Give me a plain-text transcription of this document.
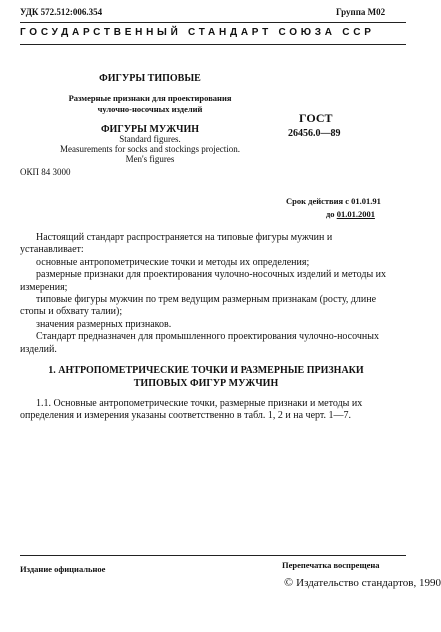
УДК 572.512:006.354	Группа М02
ГОСУДАРСТВЕННЫЙ СТАНДАРТ СОЮЗА ССР
ФИГУРЫ ТИПОВЫЕ
Размерные признаки для проектирования
чулочно-носочных изделий
ФИГУРЫ МУЖЧИН
Standard figures.
Measurements for socks and stockings projection.
Men's figures
ГОСТ
26456.0—89
ОКП 84 3000
Срок действия с 01.01.91
до 01.01.2001

Настоящий стандарт распространяется на типовые фигуры мужчин и устанавливает:

основные антропометрические точки и методы их определения;

размерные признаки для проектирования чулочно-носочных изделий и методы их измерения;

типовые фигуры мужчин по трем ведущим размерным признакам (росту, длине стопы и обхвату талии);

значения размерных признаков.

Стандарт предназначен для промышленного проектирования чулочно-носочных изделий.

1. АНТРОПОМЕТРИЧЕСКИЕ ТОЧКИ И РАЗМЕРНЫЕ ПРИЗНАКИ
ТИПОВЫХ ФИГУР МУЖЧИН

1.1. Основные антропометрические точки, размерные признаки и методы их определения и измерения указаны соответственно в табл. 1, 2 и на черт. 1—7.

Издание официальное	Перепечатка воспрещена
© Издательство стандартов, 1990
